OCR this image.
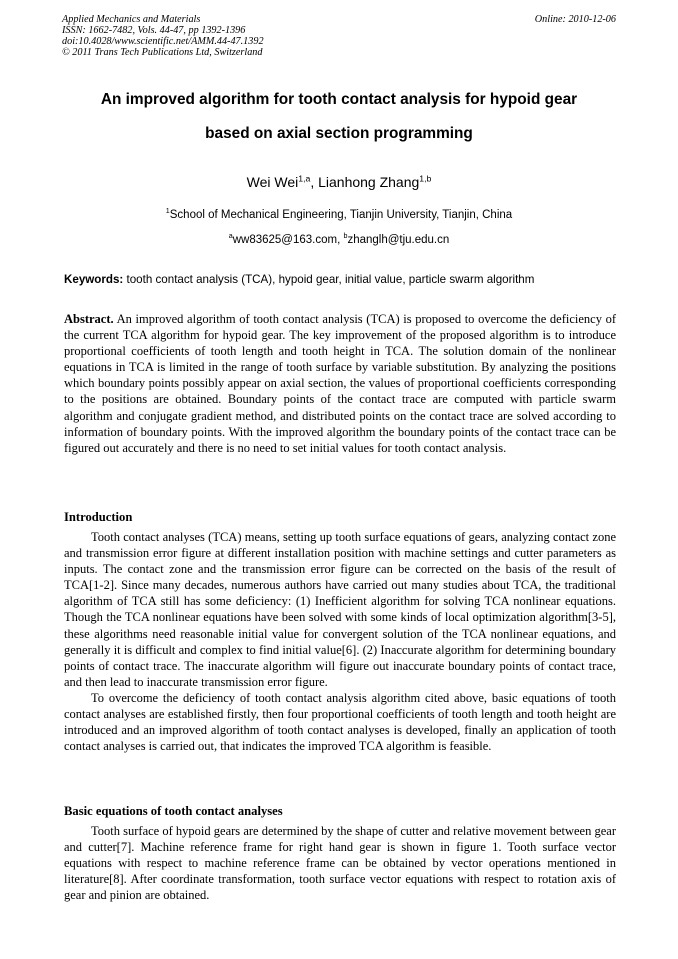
Applied Mechanics and Materials
ISSN: 1662-7482, Vols. 44-47, pp 1392-1396
doi:10.4028/www.scientific.net/AMM.44-47.1392
© 2011 Trans Tech Publications Ltd, Switzerland
Online: 2010-12-06
An improved algorithm for tooth contact analysis for hypoid gear
based on axial section programming
Wei Wei$^{1,a}$, Lianhong Zhang$^{1,b}$
$^1$School of Mechanical Engineering, Tianjin University, Tianjin, China
$^a$ww83625@163.com, $^b$zhanglh@tju.edu.cn
Keywords: tooth contact analysis (TCA), hypoid gear, initial value, particle swarm algorithm

Abstract. An improved algorithm of tooth contact analysis (TCA) is proposed to overcome the deficiency of the current TCA algorithm for hypoid gear. The key improvement of the proposed algorithm is to introduce proportional coefficients of tooth length and tooth height in TCA. The solution domain of the nonlinear equations in TCA is limited in the range of tooth surface by variable substitution. By analyzing the positions which boundary points possibly appear on axial section, the values of proportional coefficients corresponding to the positions are obtained. Boundary points of the contact trace are computed with particle swarm algorithm and conjugate gradient method, and distributed points on the contact trace are solved according to information of boundary points. With the improved algorithm the boundary points of the contact trace can be figured out accurately and there is no need to set initial values for tooth contact analysis.

Introduction

Tooth contact analyses (TCA) means, setting up tooth surface equations of gears, analyzing contact zone and transmission error figure at different installation position with machine settings and cutter parameters as inputs. The contact zone and the transmission error figure can be corrected on the basis of the result of TCA[1-2]. Since many decades, numerous authors have carried out many studies about TCA, the traditional algorithm of TCA still has some deficiency: (1) Inefficient algorithm for solving TCA nonlinear equations. Though the TCA nonlinear equations have been solved with some kinds of local optimization algorithm[3-5], these algorithms need reasonable initial value for convergent solution of the TCA nonlinear equations, and generally it is difficult and complex to find initial value[6]. (2) Inaccurate algorithm for determining boundary points of contact trace. The inaccurate algorithm will figure out inaccurate boundary points of contact trace, and then lead to inaccurate transmission error figure.

To overcome the deficiency of tooth contact analysis algorithm cited above, basic equations of tooth contact analyses are established firstly, then four proportional coefficients of tooth length and tooth height are introduced and an improved algorithm of tooth contact analyses is developed, finally an application of tooth contact analyses is carried out, that indicates the improved TCA algorithm is feasible.

Basic equations of tooth contact analyses

Tooth surface of hypoid gears are determined by the shape of cutter and relative movement between gear and cutter[7]. Machine reference frame for right hand gear is shown in figure 1. Tooth surface vector equations with respect to machine reference frame can be obtained by vector operations mentioned in literature[8]. After coordinate transformation, tooth surface vector equations with respect to rotation axis of gear and pinion are obtained.
